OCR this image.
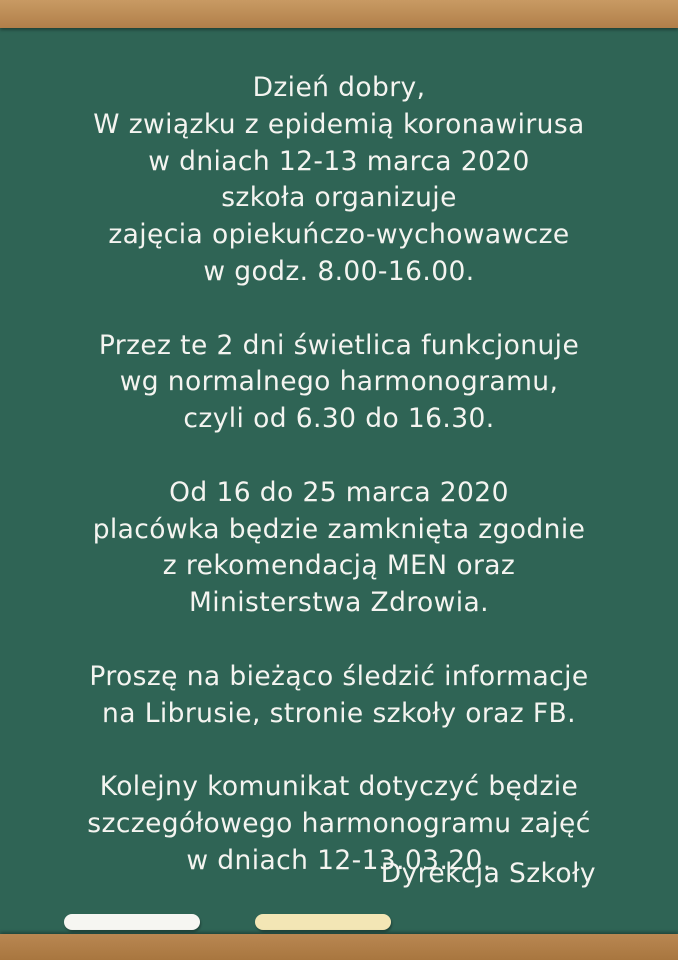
Dzień dobry,
W związku z epidemią koronawirusa
w dniach 12-13 marca 2020
szkoła organizuje
zajęcia opiekuńczo-wychowawcze
w godz. 8.00-16.00.
Przez te 2 dni świetlica funkcjonuje
wg normalnego harmonogramu,
czyli od 6.30 do 16.30.
Od 16 do 25 marca 2020
placówka będzie zamknięta zgodnie
z rekomendacją MEN oraz
Ministerstwa Zdrowia.
Proszę na bieżąco śledzić informacje
na Librusie, stronie szkoły oraz FB.
Kolejny komunikat dotyczyć będzie
szczegółowego harmonogramu zajęć
w dniach 12-13.03.20.
Dyrekcja Szkoły
